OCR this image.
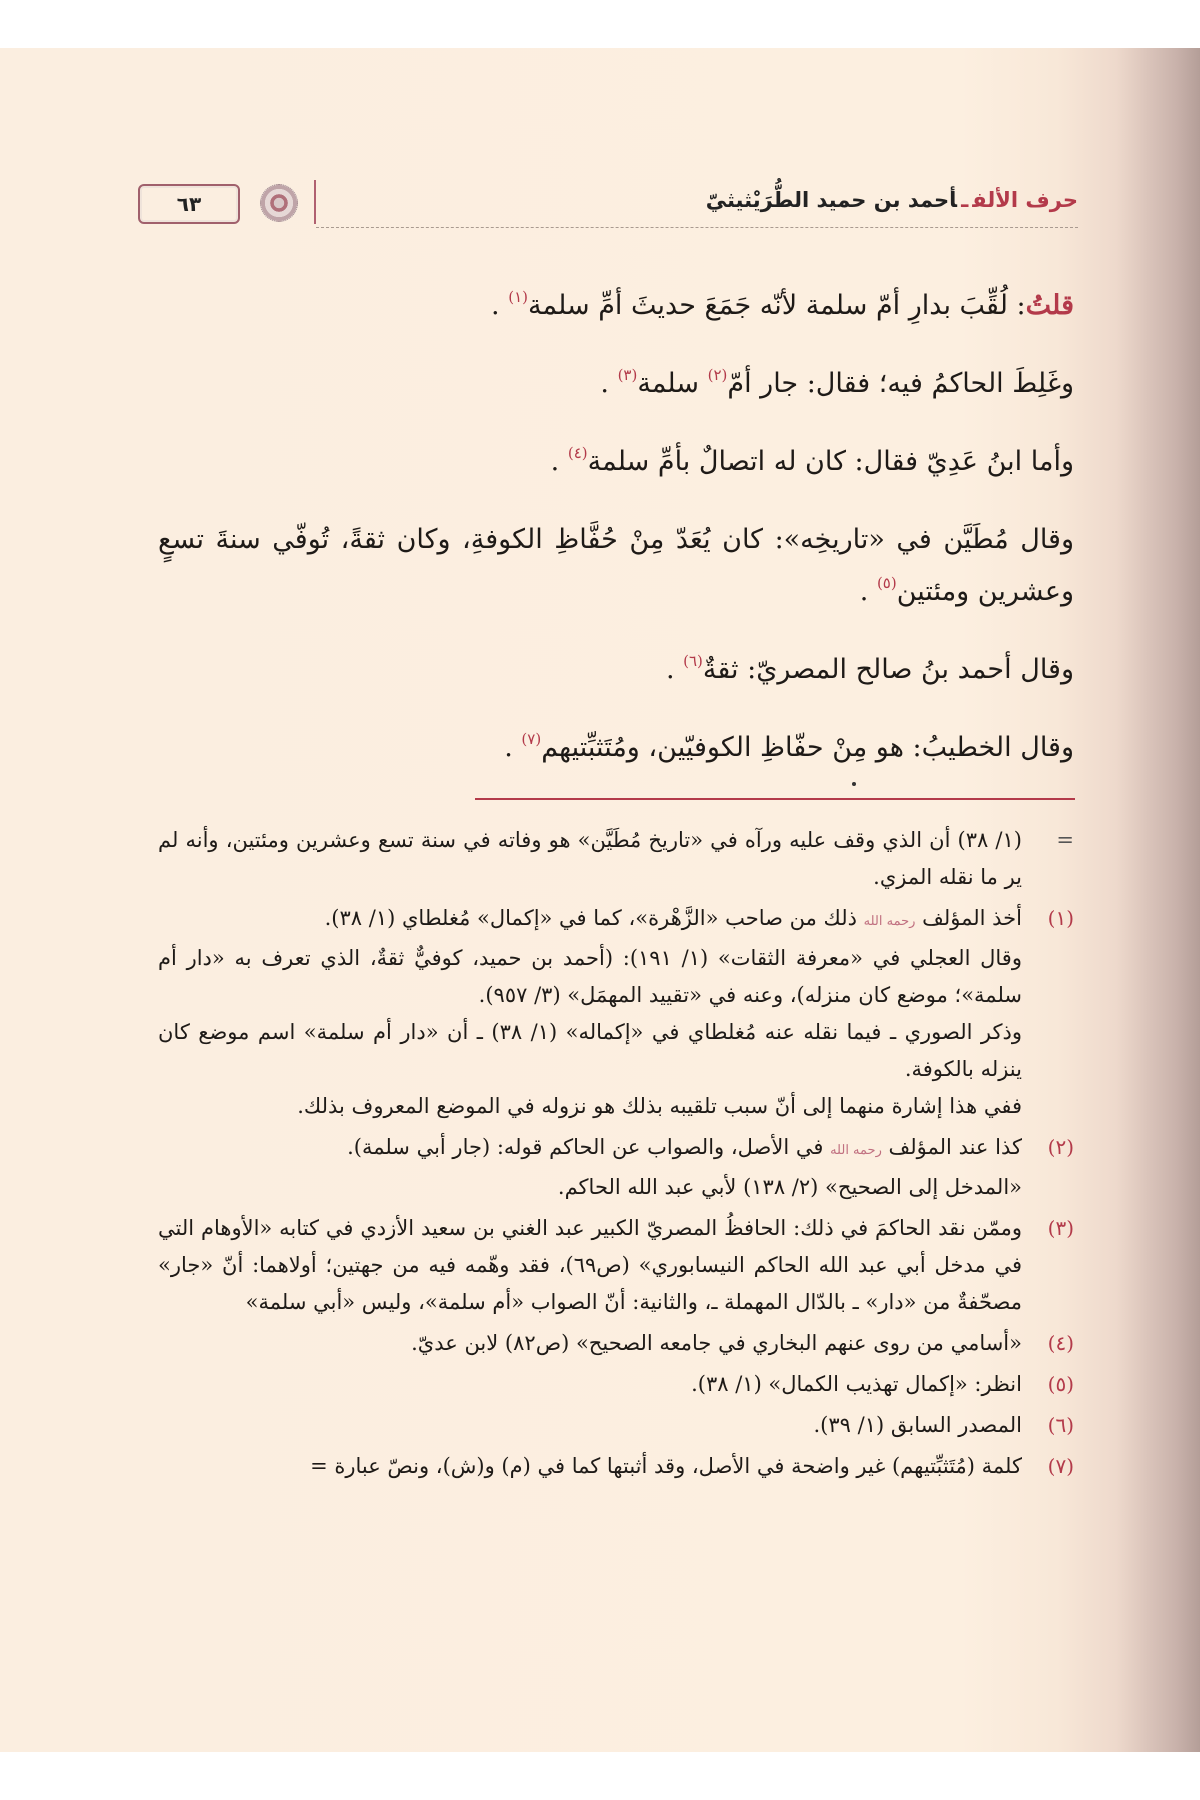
حرف الألفـأحمد بن حميد الطُّرَيْثيثيّ
٦٣

قلتُ: لُقِّبَ بدارِ أمّ سلمة لأنّه جَمَعَ حديثَ أمِّ سلمة$^{(١)}$ .

وغَلِطَ الحاكمُ فيه؛ فقال: جار أمّ$^{(٢)}$ سلمة$^{(٣)}$ .

وأما ابنُ عَدِيّ فقال: كان له اتصالٌ بأمِّ سلمة$^{(٤)}$ .

وقال مُطَيَّن في «تاريخِه»: كان يُعَدّ مِنْ حُفَّاظِ الكوفةِ، وكان ثقةً، تُوفّي سنةَ تسعٍ وعشرين ومئتين$^{(٥)}$ .

وقال أحمد بنُ صالح المصريّ: ثقةٌ$^{(٦)}$ .

وقال الخطيبُ: هو مِنْ حفّاظِ الكوفيّين، ومُتَثبِّتيهم$^{(٧)}$ .

=
(١/ ٣٨) أن الذي وقف عليه ورآه في «تاريخ مُطَيَّن» هو وفاته في سنة تسع وعشرين ومئتين، وأنه لم ير ما نقله المزي.
(١)
أخذ المؤلف رحمه الله ذلك من صاحب «الزَّهْرة»، كما في «إكمال» مُغلطاي (١/ ٣٨).
وقال العجلي في «معرفة الثقات» (١/ ١٩١): (أحمد بن حميد، كوفيٌّ ثقةٌ، الذي تعرف به «دار أم سلمة»؛ موضع كان منزله)، وعنه في «تقييد المهمَل» (٣/ ٩٥٧).
وذكر الصوري ـ فيما نقله عنه مُغلطاي في «إكماله» (١/ ٣٨) ـ أن «دار أم سلمة» اسم موضع كان ينزله بالكوفة.
ففي هذا إشارة منهما إلى أنّ سبب تلقيبه بذلك هو نزوله في الموضع المعروف بذلك.
(٢)
كذا عند المؤلف رحمه الله في الأصل، والصواب عن الحاكم قوله: (جار أبي سلمة).
«المدخل إلى الصحيح» (٢/ ١٣٨) لأبي عبد الله الحاكم.
(٣)
وممّن نقد الحاكمَ في ذلك: الحافظُ المصريّ الكبير عبد الغني بن سعيد الأزدي في كتابه «الأوهام التي في مدخل أبي عبد الله الحاكم النيسابوري» (ص٦٩)، فقد وهّمه فيه من جهتين؛ أولاهما: أنّ «جار» مصحّفةٌ من «دار» ـ بالدّال المهملة ـ، والثانية: أنّ الصواب «أم سلمة»، وليس «أبي سلمة»
(٤)
«أسامي من روى عنهم البخاري في جامعه الصحيح» (ص٨٢) لابن عديّ.
(٥)
انظر: «إكمال تهذيب الكمال» (١/ ٣٨).
(٦)
المصدر السابق (١/ ٣٩).
(٧)
كلمة (مُتَثبِّتيهم) غير واضحة في الأصل، وقد أثبتها كما في (م) و(ش)، ونصّ عبارة =
